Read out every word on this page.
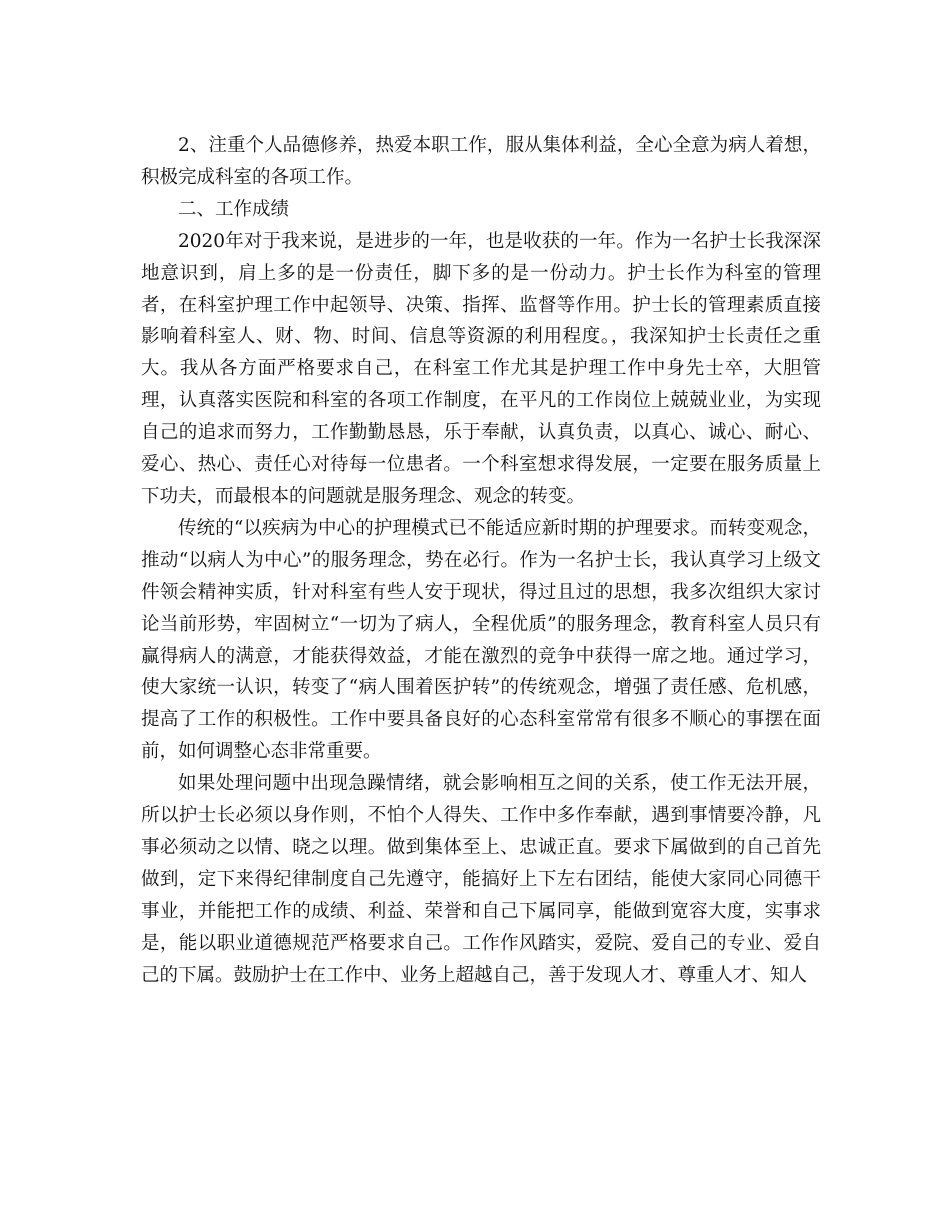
2、注重个人品德修养，热爱本职工作，服从集体利益，全心全意为病人着想，积极完成科室的各项工作。

二、工作成绩

2020年对于我来说，是进步的一年，也是收获的一年。作为一名护士长我深深地意识到，肩上多的是一份责任，脚下多的是一份动力。护士长作为科室的管理者，在科室护理工作中起领导、决策、指挥、监督等作用。护士长的管理素质直接影响着科室人、财、物、时间、信息等资源的利用程度。，我深知护士长责任之重大。我从各方面严格要求自己，在科室工作尤其是护理工作中身先士卒，大胆管理，认真落实医院和科室的各项工作制度，在平凡的工作岗位上兢兢业业，为实现自己的追求而努力，工作勤勤恳恳，乐于奉献，认真负责，以真心、诚心、耐心、爱心、热心、责任心对待每一位患者。一个科室想求得发展，一定要在服务质量上下功夫，而最根本的问题就是服务理念、观念的转变。

传统的“以疾病为中心的护理模式已不能适应新时期的护理要求。而转变观念，推动“以病人为中心”的服务理念，势在必行。作为一名护士长，我认真学习上级文件领会精神实质，针对科室有些人安于现状，得过且过的思想，我多次组织大家讨论当前形势，牢固树立“一切为了病人，全程优质”的服务理念，教育科室人员只有赢得病人的满意，才能获得效益，才能在激烈的竞争中获得一席之地。通过学习，使大家统一认识，转变了“病人围着医护转”的传统观念，增强了责任感、危机感，提高了工作的积极性。工作中要具备良好的心态科室常常有很多不顺心的事摆在面前，如何调整心态非常重要。

如果处理问题中出现急躁情绪，就会影响相互之间的关系，使工作无法开展，所以护士长必须以身作则，不怕个人得失、工作中多作奉献，遇到事情要冷静，凡事必须动之以情、晓之以理。做到集体至上、忠诚正直。要求下属做到的自己首先做到，定下来得纪律制度自己先遵守，能搞好上下左右团结，能使大家同心同德干事业，并能把工作的成绩、利益、荣誉和自己下属同享，能做到宽容大度，实事求是，能以职业道德规范严格要求自己。工作作风踏实，爱院、爱自己的专业、爱自己的下属。鼓励护士在工作中、业务上超越自己，善于发现人才、尊重人才、知人
